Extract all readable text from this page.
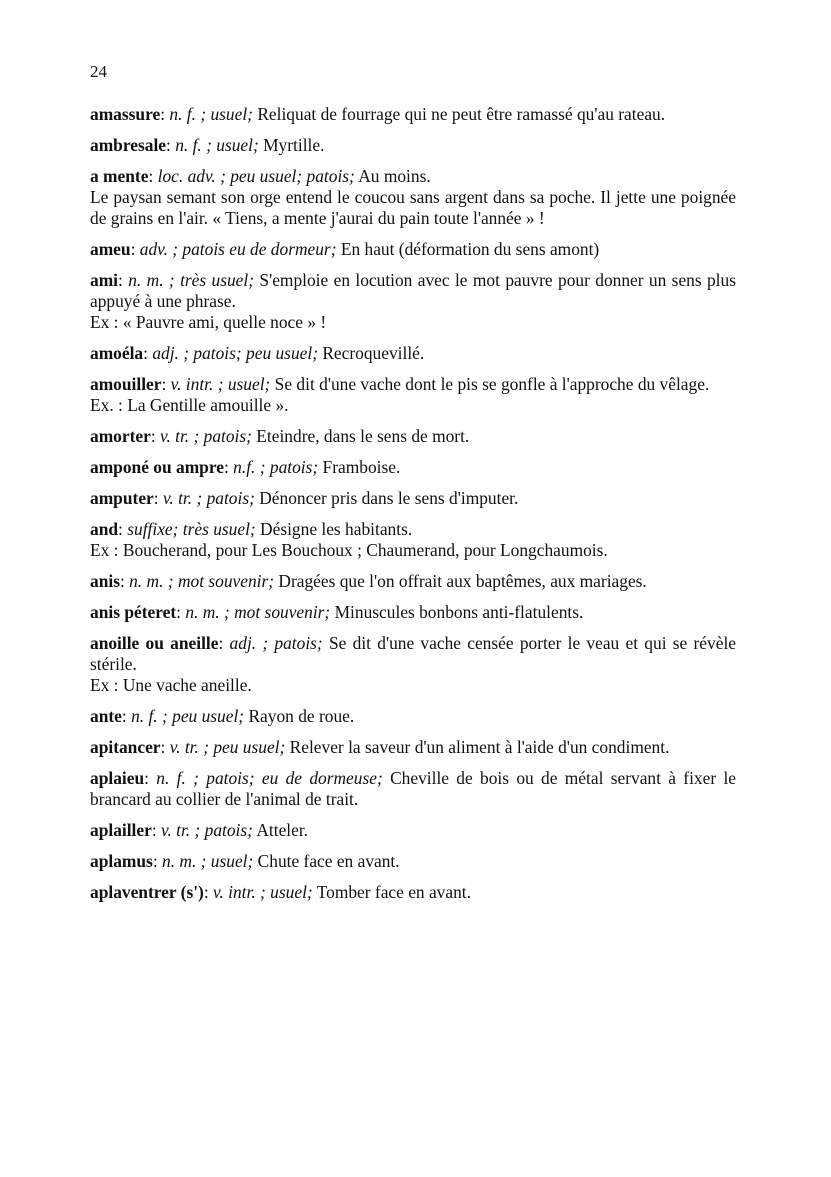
24

amassure: n. f. ; usuel; Reliquat de fourrage qui ne peut être ramassé qu'au rateau.

ambresale: n. f. ; usuel; Myrtille.

a mente: loc. adv. ; peu usuel; patois; Au moins.

Le paysan semant son orge entend le coucou sans argent dans sa poche. Il jette une poignée de grains en l'air. « Tiens, a mente j'aurai du pain toute l'année » !

ameu: adv. ; patois eu de dormeur; En haut (déformation du sens amont)

ami: n. m. ; très usuel; S'emploie en locution avec le mot pauvre pour donner un sens plus appuyé à une phrase.

Ex : « Pauvre ami, quelle noce » !

amoéla: adj. ; patois; peu usuel; Recroquevillé.

amouiller: v. intr. ; usuel; Se dit d'une vache dont le pis se gonfle à l'approche du vêlage.

Ex. : La Gentille amouille ».

amorter: v. tr. ; patois; Eteindre, dans le sens de mort.

amponé ou ampre: n.f. ; patois; Framboise.

amputer: v. tr. ; patois; Dénoncer pris dans le sens d'imputer.

and: suffixe; très usuel; Désigne les habitants.

Ex : Boucherand, pour Les Bouchoux ; Chaumerand, pour Longchaumois.

anis: n. m. ; mot souvenir; Dragées que l'on offrait aux baptêmes, aux mariages.

anis péteret: n. m. ; mot souvenir; Minuscules bonbons anti-flatulents.

anoille ou aneille: adj. ; patois; Se dit d'une vache censée porter le veau et qui se révèle stérile.

Ex : Une vache aneille.

ante: n. f. ; peu usuel; Rayon de roue.

apitancer: v. tr. ; peu usuel; Relever la saveur d'un aliment à l'aide d'un condiment.

aplaieu: n. f. ; patois; eu de dormeuse; Cheville de bois ou de métal servant à fixer le brancard au collier de l'animal de trait.

aplailler: v. tr. ; patois; Atteler.

aplamus: n. m. ; usuel; Chute face en avant.

aplaventrer (s'): v. intr. ; usuel; Tomber face en avant.
